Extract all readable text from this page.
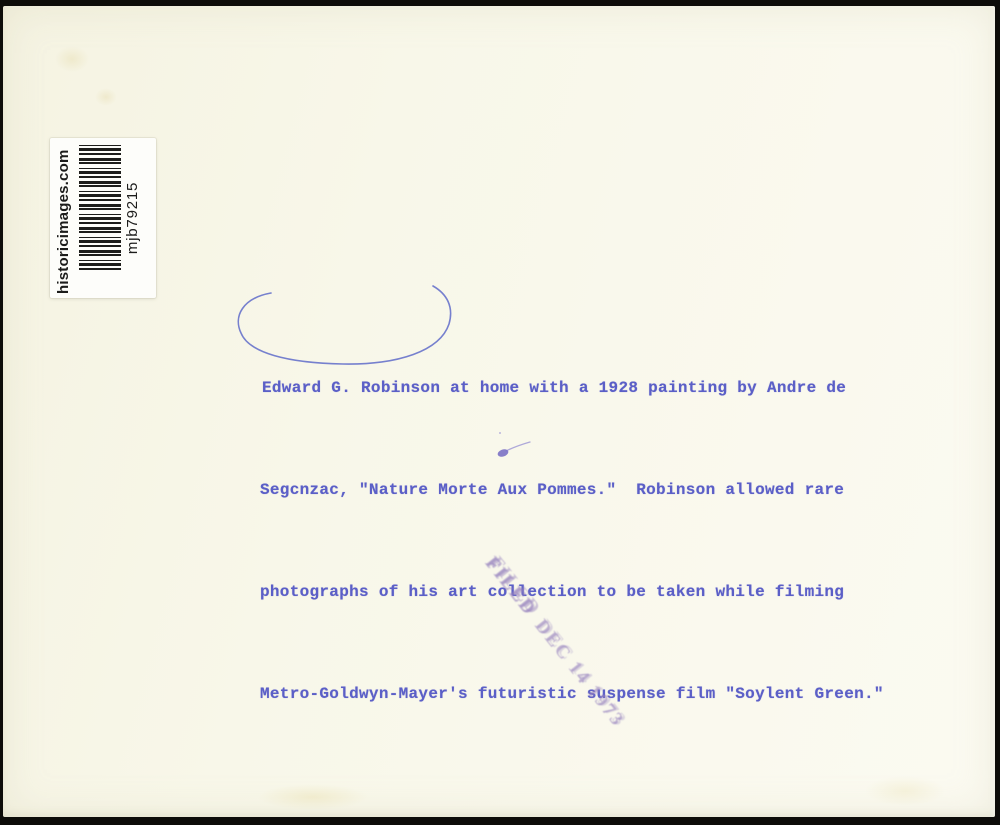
historicimages.com	mjb79215

Edward G. Robinson at home with a 1928 painting by Andre de

Segcnzac, "Nature Morte Aux Pommes."  Robinson allowed rare

photographs of his art collection to be taken while filming

Metro-Goldwyn-Mayer's futuristic suspense film "Soylent Green."

FILED DEC 14 1973
